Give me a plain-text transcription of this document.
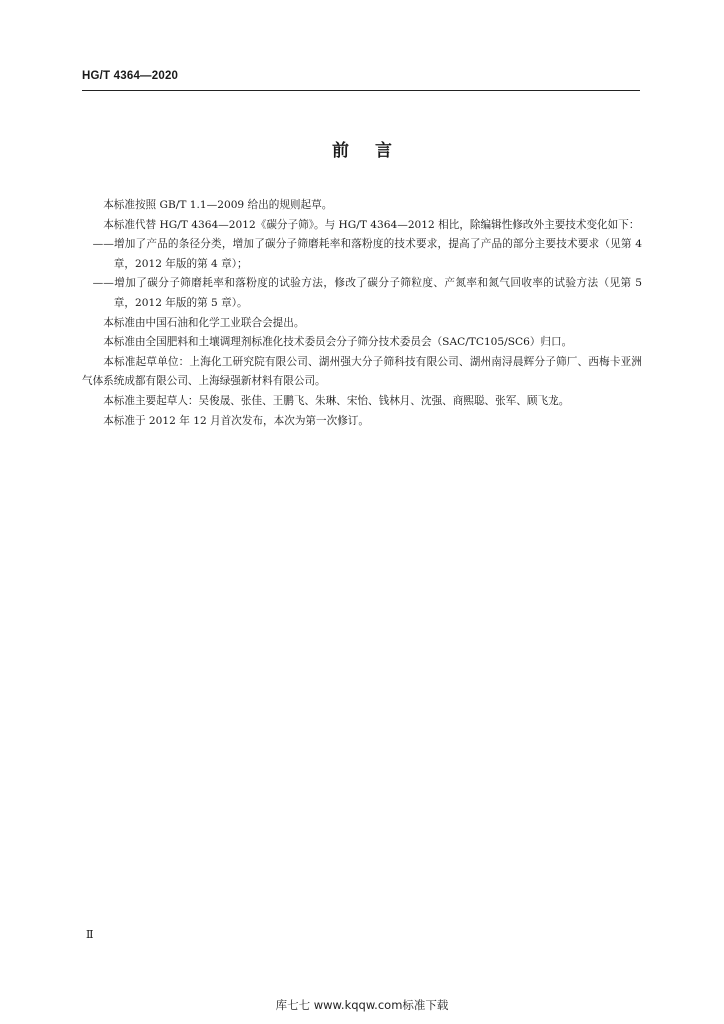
HG/T 4364—2020
前言

本标准按照 GB/T 1.1—2009 给出的规则起草。

本标准代替 HG/T 4364—2012《碳分子筛》。与 HG/T 4364—2012 相比，除编辑性修改外主要技术变化如下：

——增加了产品的条径分类，增加了碳分子筛磨耗率和落粉度的技术要求，提高了产品的部分主要技术要求（见第 4 章，2012 年版的第 4 章）；

——增加了碳分子筛磨耗率和落粉度的试验方法，修改了碳分子筛粒度、产氮率和氮气回收率的试验方法（见第 5 章，2012 年版的第 5 章）。

本标准由中国石油和化学工业联合会提出。

本标准由全国肥料和土壤调理剂标准化技术委员会分子筛分技术委员会（SAC/TC105/SC6）归口。

本标准起草单位：上海化工研究院有限公司、湖州强大分子筛科技有限公司、湖州南浔晨辉分子筛厂、西梅卡亚洲气体系统成都有限公司、上海绿强新材料有限公司。

本标准主要起草人：吴俊晟、张佳、王鹏飞、朱琳、宋怡、钱林月、沈强、商熙聪、张军、顾飞龙。

本标准于 2012 年 12 月首次发布，本次为第一次修订。

Ⅱ
库七七 www.kqqw.com标准下载
